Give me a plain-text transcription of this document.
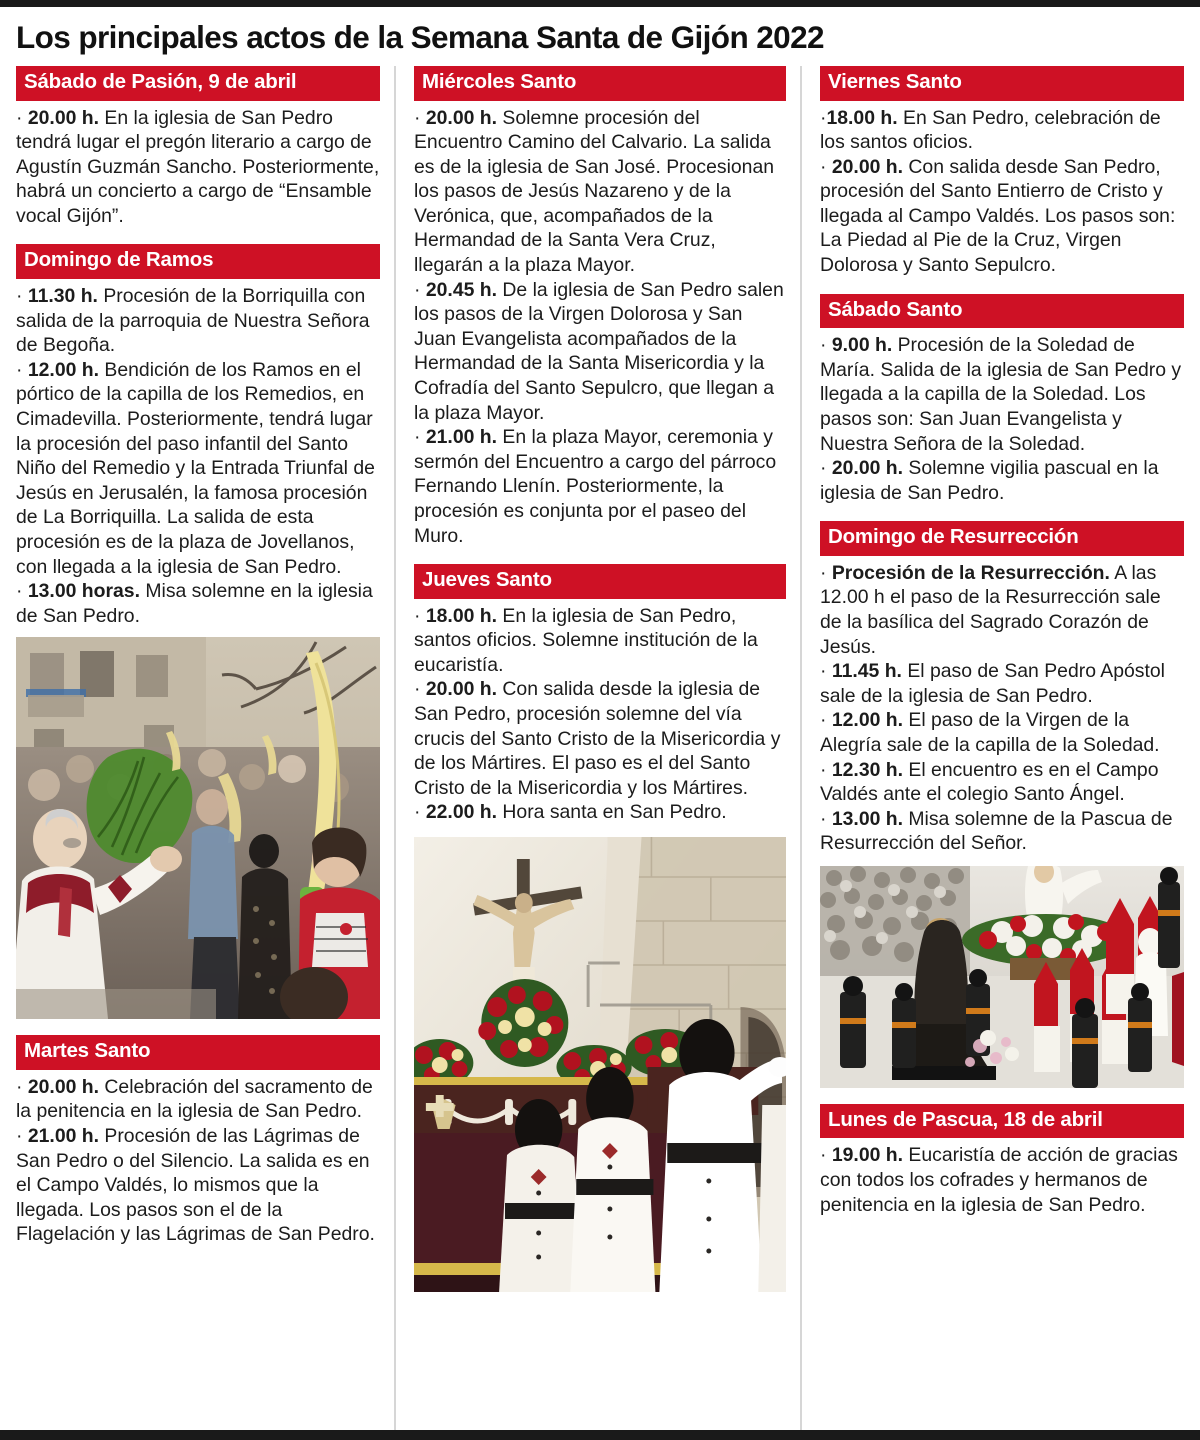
Los principales actos de la Semana Santa de Gijón 2022
Sábado de Pasión, 9 de abril
· 20.00 h. En la iglesia de San Pedro tendrá lugar el pregón literario a cargo de Agustín Guzmán Sancho. Posteriormente, habrá un concierto a cargo de “Ensamble vocal Gijón”.
Domingo de Ramos
· 11.30 h. Procesión de la Borriquilla con salida de la parroquia de Nuestra Señora de Begoña.
· 12.00 h. Bendición de los Ramos en el pórtico de la capilla de los Remedios, en Cimadevilla. Posteriormente, tendrá lugar la procesión del paso infantil del Santo Niño del Remedio y la Entrada Triunfal de Jesús en Jerusalén, la famosa procesión de La Borriquilla. La salida de esta procesión es de la plaza de Jovellanos, con llegada a la iglesia de San Pedro.
· 13.00 horas. Misa solemne en la iglesia de San Pedro.
Martes Santo
· 20.00 h. Celebración del sacramento de la penitencia en la iglesia de San Pedro.
· 21.00 h. Procesión de las Lágrimas de San Pedro o del Silencio. La salida es en el Campo Valdés, lo mismos que la llegada. Los pasos son el de la Flagelación y las Lágrimas de San Pedro.
Miércoles Santo
· 20.00 h. Solemne procesión del Encuentro Camino del Calvario. La salida es de la iglesia de San José. Procesionan los pasos de Jesús Nazareno y de la Verónica, que, acompañados de la Hermandad de la Santa Vera Cruz, llegarán a la plaza Mayor.
· 20.45 h. De la iglesia de San Pedro salen los pasos de la Virgen Dolorosa y San Juan Evangelista acompañados de la Hermandad de la Santa Misericordia y la Cofradía del Santo Sepulcro, que llegan a la plaza Mayor.
· 21.00 h. En la plaza Mayor, ceremonia y sermón del Encuentro a cargo del párroco Fernando Llenín. Posteriormente, la procesión es conjunta por el paseo del Muro.
Jueves Santo
· 18.00 h. En la iglesia de San Pedro, santos oficios. Solemne institución de la eucaristía.
· 20.00 h. Con salida desde la iglesia de San Pedro, procesión solemne del vía crucis del Santo Cristo de la Misericordia y de los Mártires. El paso es el del Santo Cristo de la Misericordia y los Mártires.
· 22.00 h. Hora santa en San Pedro.
Viernes Santo
·18.00 h. En San Pedro, celebración de los santos oficios.
· 20.00 h. Con salida desde San Pedro, procesión del Santo Entierro de Cristo y llegada al Campo Valdés. Los pasos son: La Piedad al Pie de la Cruz, Virgen Dolorosa y Santo Sepulcro.
Sábado Santo
· 9.00 h. Procesión de la Soledad de María. Salida de la iglesia de San Pedro y llegada a la capilla de la Soledad. Los pasos son: San Juan Evangelista y Nuestra Señora de la Soledad.
· 20.00 h. Solemne vigilia pascual en la iglesia de San Pedro.
Domingo de Resurrección
· Procesión de la Resurrección. A las 12.00 h el paso de la Resurrección sale de la basílica del Sagrado Corazón de Jesús.
· 11.45 h. El paso de San Pedro Apóstol sale de la iglesia de San Pedro.
· 12.00 h. El paso de la Virgen de la Alegría sale de la capilla de la Soledad.
· 12.30 h. El encuentro es en el Campo Valdés ante el colegio Santo Ángel.
· 13.00 h. Misa solemne de la Pascua de Resurrección del Señor.
Lunes de Pascua, 18 de abril
· 19.00 h. Eucaristía de acción de gracias con todos los cofrades y hermanos de penitencia en la iglesia de San Pedro.
